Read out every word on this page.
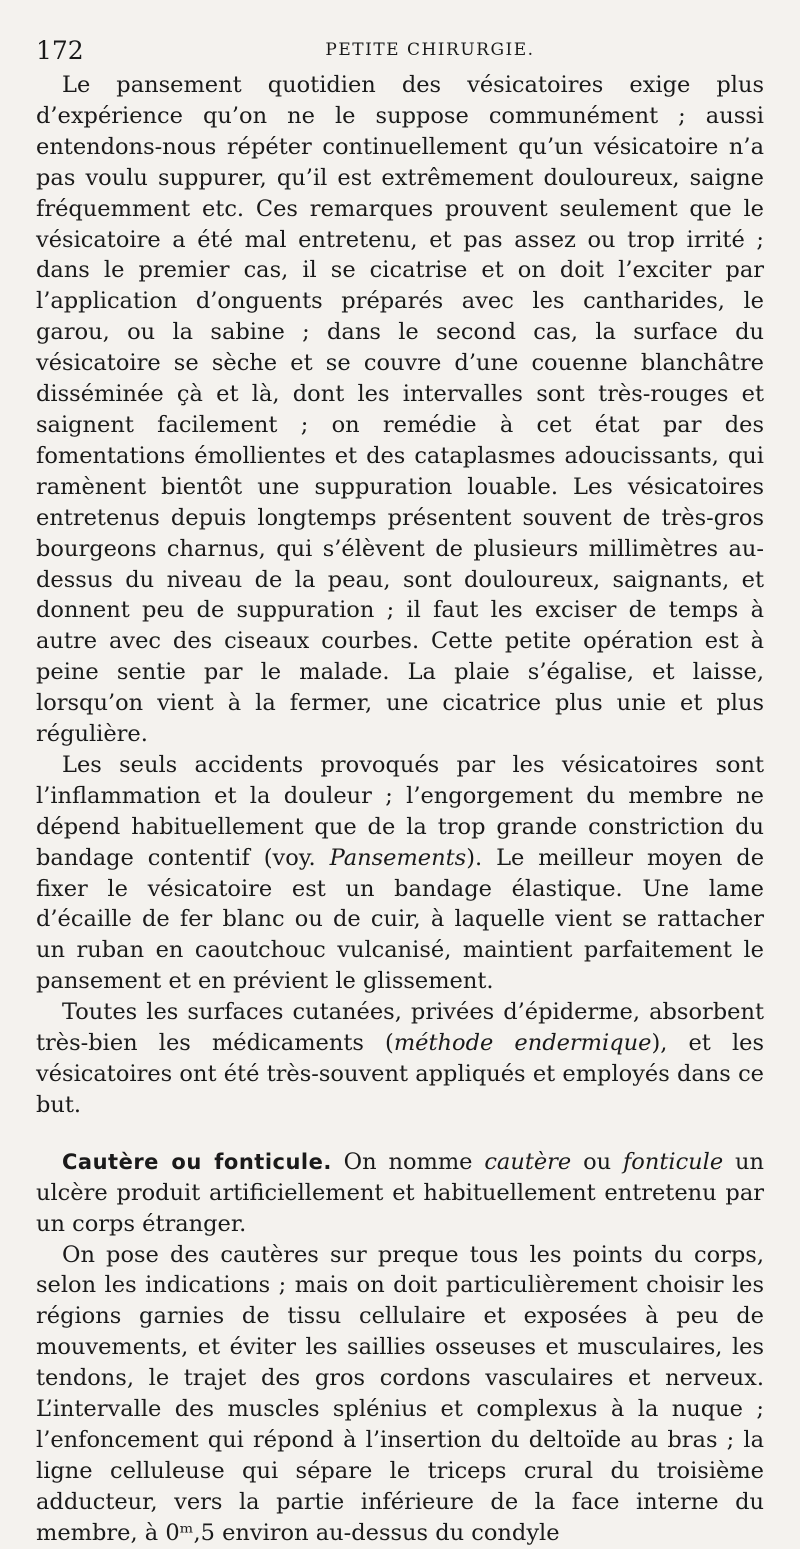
172	PETITE CHIRURGIE.

Le pansement quotidien des vésicatoires exige plus d’expérience qu’on ne le suppose communément ; aussi entendons-nous répéter continuellement qu’un vésicatoire n’a pas voulu suppurer, qu’il est extrêmement douloureux, saigne fréquemment etc. Ces remarques prouvent seulement que le vésicatoire a été mal entretenu, et pas assez ou trop irrité ; dans le premier cas, il se cicatrise et on doit l’exciter par l’application d’onguents préparés avec les cantharides, le garou, ou la sabine ; dans le second cas, la surface du vésicatoire se sèche et se couvre d’une couenne blanchâtre disséminée çà et là, dont les intervalles sont très-rouges et saignent facilement ; on remédie à cet état par des fomentations émollientes et des cataplasmes adoucissants, qui ramènent bientôt une suppuration louable. Les vésicatoires entretenus depuis longtemps présentent souvent de très-gros bourgeons charnus, qui s’élèvent de plusieurs millimètres au-dessus du niveau de la peau, sont douloureux, saignants, et donnent peu de suppuration ; il faut les exciser de temps à autre avec des ciseaux courbes. Cette petite opération est à peine sentie par le malade. La plaie s’égalise, et laisse, lorsqu’on vient à la fermer, une cicatrice plus unie et plus régulière.

Les seuls accidents provoqués par les vésicatoires sont l’inflammation et la douleur ; l’engorgement du membre ne dépend habituellement que de la trop grande constriction du bandage contentif (voy. Pansements). Le meilleur moyen de fixer le vésicatoire est un bandage élastique. Une lame d’écaille de fer blanc ou de cuir, à laquelle vient se rattacher un ruban en caoutchouc vulcanisé, maintient parfaitement le pansement et en prévient le glissement.

Toutes les surfaces cutanées, privées d’épiderme, absorbent très-bien les médicaments (méthode endermique), et les vésicatoires ont été très-souvent appliqués et employés dans ce but.

Cautère ou fonticule. On nomme cautère ou fonticule un ulcère produit artificiellement et habituellement entretenu par un corps étranger.

On pose des cautères sur preque tous les points du corps, selon les indications ; mais on doit particulièrement choisir les régions garnies de tissu cellulaire et exposées à peu de mouvements, et éviter les saillies osseuses et musculaires, les tendons, le trajet des gros cordons vasculaires et nerveux. L’intervalle des muscles splénius et complexus à la nuque ; l’enfoncement qui répond à l’insertion du deltoïde au bras ; la ligne celluleuse qui sépare le triceps crural du troisième adducteur, vers la partie inférieure de la face interne du membre, à 0ᵐ,5 environ au-dessus du condyle
